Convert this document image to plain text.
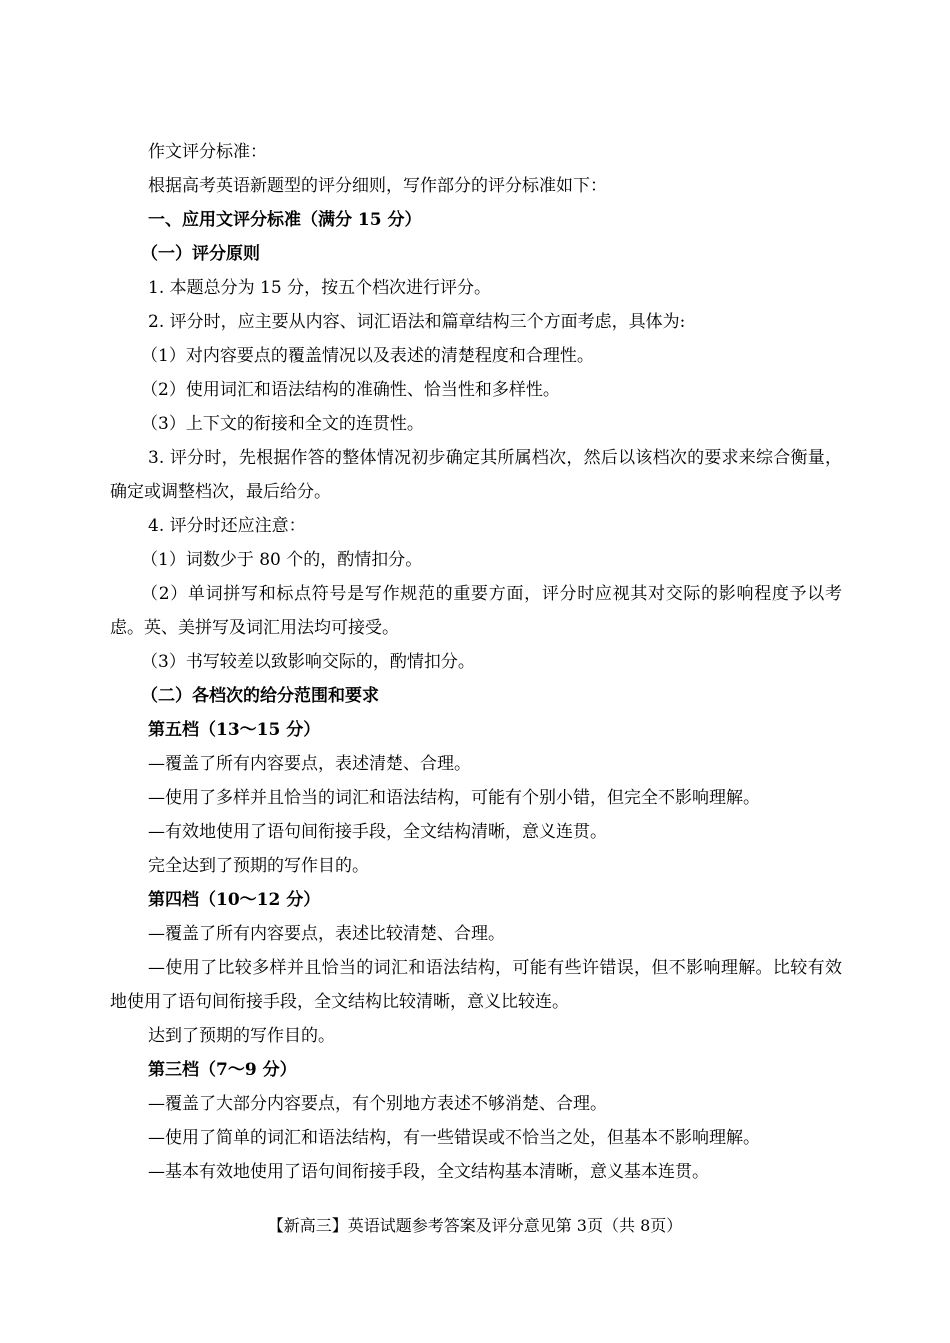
作文评分标准：
根据高考英语新题型的评分细则，写作部分的评分标准如下：
一、应用文评分标准（满分 15 分）
（一）评分原则
1. 本题总分为 15 分，按五个档次进行评分。
2. 评分时，应主要从内容、词汇语法和篇章结构三个方面考虑，具体为:
（1）对内容要点的覆盖情况以及表述的清楚程度和合理性。
（2）使用词汇和语法结构的准确性、恰当性和多样性。
（3）上下文的衔接和全文的连贯性。
3. 评分时，先根据作答的整体情况初步确定其所属档次，然后以该档次的要求来综合衡量，确定或调整档次，最后给分。
4. 评分时还应注意：
（1）词数少于 80 个的，酌情扣分。
（2）单词拼写和标点符号是写作规范的重要方面，评分时应视其对交际的影响程度予以考虑。英、美拼写及词汇用法均可接受。
（3）书写较差以致影响交际的，酌情扣分。
（二）各档次的给分范围和要求
第五档（13～15 分）
—覆盖了所有内容要点，表述清楚、合理。
—使用了多样并且恰当的词汇和语法结构，可能有个别小错，但完全不影响理解。
—有效地使用了语句间衔接手段，全文结构清晰，意义连贯。
完全达到了预期的写作目的。
第四档（10～12 分）
—覆盖了所有内容要点，表述比较清楚、合理。
—使用了比较多样并且恰当的词汇和语法结构，可能有些许错误，但不影响理解。比较有效地使用了语句间衔接手段，全文结构比较清晰，意义比较连。
达到了预期的写作目的。
第三档（7～9 分）
—覆盖了大部分内容要点，有个别地方表述不够消楚、合理。
—使用了简单的词汇和语法结构，有一些错误或不恰当之处，但基本不影响理解。
—基本有效地使用了语句间衔接手段，全文结构基本清晰，意义基本连贯。
【新高三】英语试题参考答案及评分意见第 3页（共 8页）
